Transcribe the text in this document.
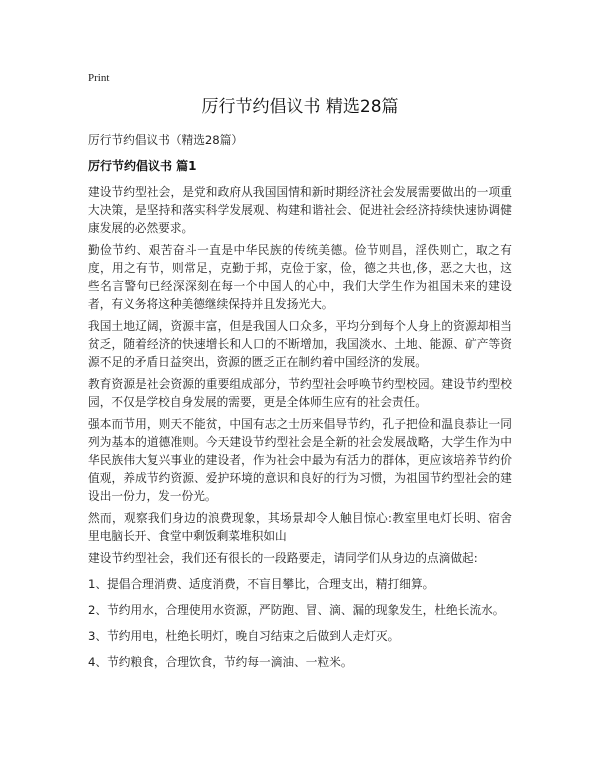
Print
厉行节约倡议书 精选28篇
厉行节约倡议书（精选28篇）
厉行节约倡议书 篇1

建设节约型社会，是党和政府从我国国情和新时期经济社会发展需要做出的一项重大决策，是坚持和落实科学发展观、构建和谐社会、促进社会经济持续快速协调健康发展的必然要求。

勤俭节约、艰苦奋斗一直是中华民族的传统美德。俭节则昌，淫佚则亡，取之有度，用之有节，则常足，克勤于邦，克俭于家，俭，德之共也,侈，恶之大也，这些名言警句已经深深刻在每一个中国人的心中，我们大学生作为祖国未来的建设者，有义务将这种美德继续保持并且发扬光大。

我国土地辽阔，资源丰富，但是我国人口众多，平均分到每个人身上的资源却相当贫乏，随着经济的快速增长和人口的不断增加，我国淡水、土地、能源、矿产等资源不足的矛盾日益突出，资源的匮乏正在制约着中国经济的发展。

教育资源是社会资源的重要组成部分，节约型社会呼唤节约型校园。建设节约型校园，不仅是学校自身发展的需要，更是全体师生应有的社会责任。

强本而节用，则天不能贫，中国有志之士历来倡导节约，孔子把俭和温良恭让一同列为基本的道德准则。今天建设节约型社会是全新的社会发展战略，大学生作为中华民族伟大复兴事业的建设者，作为社会中最为有活力的群体，更应该培养节约价值观，养成节约资源、爱护环境的意识和良好的行为习惯，为祖国节约型社会的建设出一份力，发一份光。

然而，观察我们身边的浪费现象，其场景却令人触目惊心:教室里电灯长明、宿舍里电脑长开、食堂中剩饭剩菜堆积如山

建设节约型社会，我们还有很长的一段路要走，请同学们从身边的点滴做起:

1、提倡合理消费、适度消费，不盲目攀比，合理支出，精打细算。
2、节约用水，合理使用水资源，严防跑、冒、滴、漏的现象发生，杜绝长流水。
3、节约用电，杜绝长明灯，晚自习结束之后做到人走灯灭。
4、节约粮食，合理饮食，节约每一滴油、一粒米。
